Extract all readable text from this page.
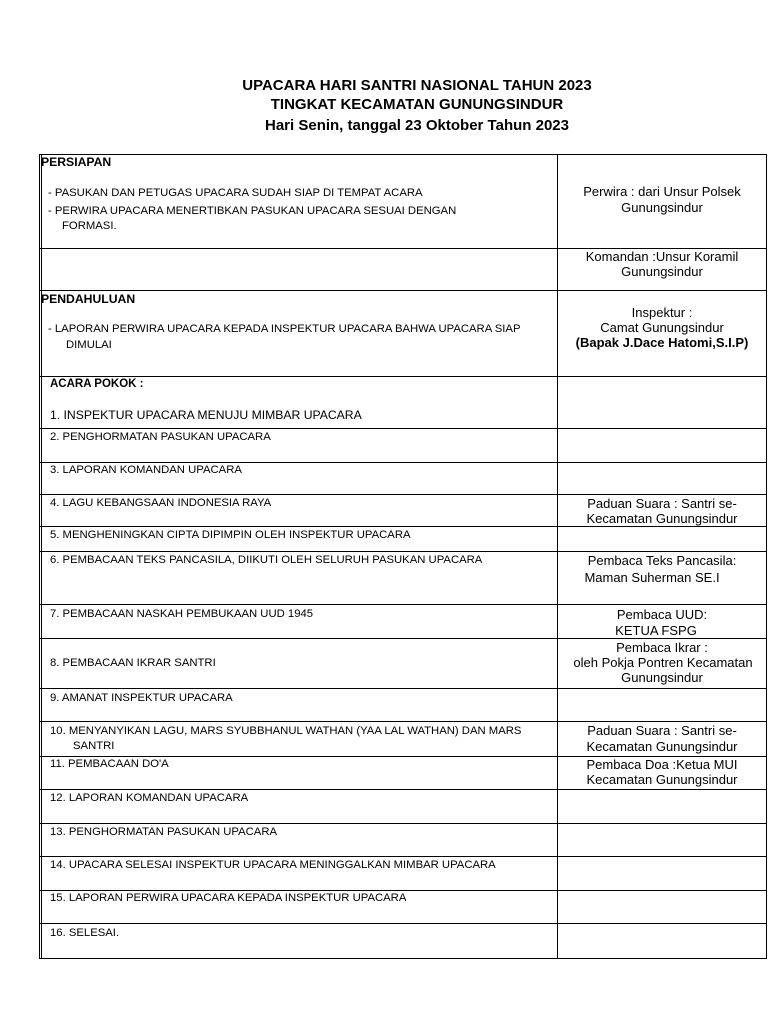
UPACARA HARI SANTRI NASIONAL TAHUN 2023
TINGKAT KECAMATAN GUNUNGSINDUR
Hari Senin, tanggal 23 Oktober Tahun 2023
PERSIAPAN
- PASUKAN DAN PETUGAS UPACARA SUDAH SIAP DI TEMPAT ACARA
- PERWIRA UPACARA MENERTIBKAN PASUKAN UPACARA SESUAI DENGAN
FORMASI.
Perwira : dari Unsur Polsek
Gunungsindur
Komandan :Unsur Koramil
Gunungsindur
PENDAHULUAN
- LAPORAN PERWIRA UPACARA KEPADA INSPEKTUR UPACARA BAHWA UPACARA SIAP
DIMULAI
Inspektur :
Camat Gunungsindur
(Bapak J.Dace Hatomi,S.I.P)
ACARA POKOK :
1. INSPEKTUR UPACARA MENUJU MIMBAR UPACARA
2. PENGHORMATAN PASUKAN UPACARA
3. LAPORAN KOMANDAN UPACARA
4. LAGU KEBANGSAAN INDONESIA RAYA
5. MENGHENINGKAN CIPTA DIPIMPIN OLEH INSPEKTUR UPACARA
6. PEMBACAAN TEKS PANCASILA, DIIKUTI OLEH SELURUH PASUKAN UPACARA
7. PEMBACAAN NASKAH PEMBUKAAN UUD 1945
8. PEMBACAAN IKRAR SANTRI
9. AMANAT INSPEKTUR UPACARA
10. MENYANYIKAN LAGU, MARS SYUBBHANUL WATHAN (YAA LAL WATHAN) DAN MARS
SANTRI
11. PEMBACAAN DO'A
12. LAPORAN KOMANDAN UPACARA
13. PENGHORMATAN PASUKAN UPACARA
14. UPACARA SELESAI INSPEKTUR UPACARA MENINGGALKAN MIMBAR UPACARA
15. LAPORAN PERWIRA UPACARA KEPADA INSPEKTUR UPACARA
16. SELESAI.
Paduan Suara : Santri se-
Kecamatan Gunungsindur
Pembaca Teks Pancasila:
Maman Suherman SE.I
Pembaca UUD:
KETUA FSPG
Pembaca Ikrar :
oleh Pokja Pontren Kecamatan
Gunungsindur
Paduan Suara : Santri se-
Kecamatan Gunungsindur
Pembaca Doa :Ketua MUI
Kecamatan Gunungsindur
